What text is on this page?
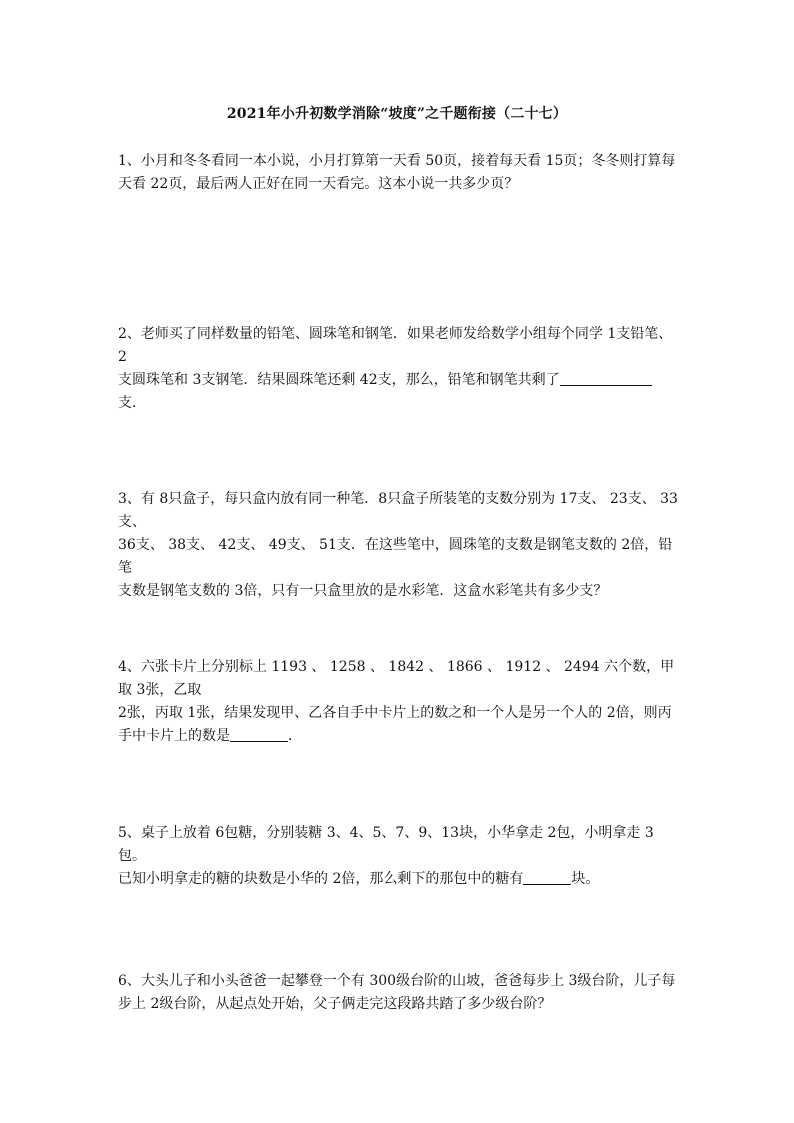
2021年小升初数学消除“坡度”之千题衔接（二十七）

1、小月和冬冬看同一本小说，小月打算第一天看 50页，接着每天看 15页；冬冬则打算每

天看 22页，最后两人正好在同一天看完。这本小说一共多少页？

2、老师买了同样数量的铅笔、圆珠笔和钢笔．如果老师发给数学小组每个同学 1支铅笔、2

支圆珠笔和 3支钢笔．结果圆珠笔还剩 42支，那么，铅笔和钢笔共剩了支．

3、有 8只盒子，每只盒内放有同一种笔．8只盒子所装笔的支数分别为 17支、 23支、 33支、

36支、 38支、 42支、 49支、 51支．在这些笔中，圆珠笔的支数是钢笔支数的 2倍，铅笔

支数是钢笔支数的 3倍，只有一只盒里放的是水彩笔．这盒水彩笔共有多少支？

4、六张卡片上分别标上 1193 、 1258 、 1842 、 1866 、 1912 、 2494 六个数，甲取 3张，乙取

2张，丙取 1张，结果发现甲、乙各自手中卡片上的数之和一个人是另一个人的 2倍，则丙

手中卡片上的数是	．

5、桌子上放着 6包糖，分别装糖 3、4、5、7、9、13块，小华拿走 2包，小明拿走 3包。

已知小明拿走的糖的块数是小华的 2倍，那么剩下的那包中的糖有	块。

6、大头儿子和小头爸爸一起攀登一个有 300级台阶的山坡，爸爸每步上 3级台阶，儿子每

步上 2级台阶，从起点处开始，父子俩走完这段路共踏了多少级台阶？
